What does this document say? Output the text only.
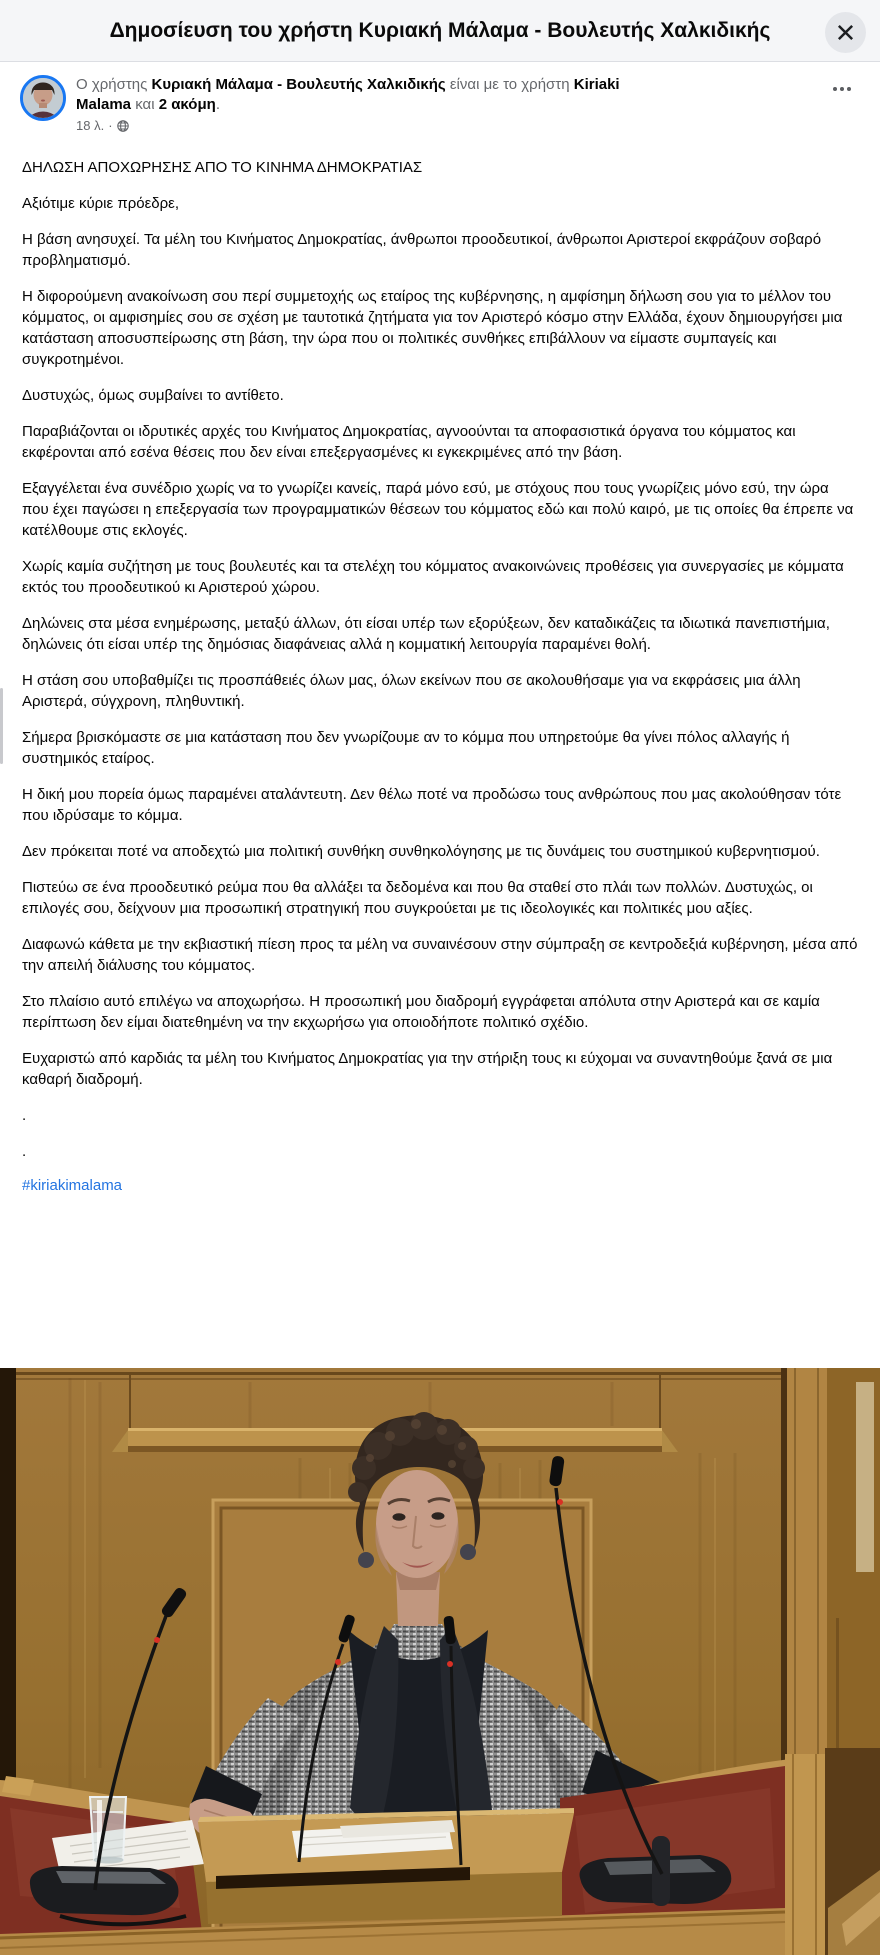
Δημοσίευση του χρήστη Κυριακή Μάλαμα - Βουλευτής Χαλκιδικής
Ο χρήστης Κυριακή Μάλαμα - Βουλευτής Χαλκιδικής είναι με το χρήστη Kiriaki Malama και 2 ακόμη.
18 λ. ·

ΔΗΛΩΣΗ ΑΠΟΧΩΡΗΣΗΣ ΑΠΟ ΤΟ ΚΙΝΗΜΑ ΔΗΜΟΚΡΑΤΙΑΣ

Αξιότιμε κύριε πρόεδρε,

Η βάση ανησυχεί. Τα μέλη του Κινήματος Δημοκρατίας, άνθρωποι προοδευτικοί, άνθρωποι Αριστεροί εκφράζουν σοβαρό προβληματισμό.

Η διφορούμενη ανακοίνωση σου περί συμμετοχής ως εταίρος της κυβέρνησης, η αμφίσημη δήλωση σου για το μέλλον του κόμματος, οι αμφισημίες σου σε σχέση με ταυτοτικά ζητήματα για τον Αριστερό κόσμο στην Ελλάδα, έχουν δημιουργήσει μια κατάσταση αποσυσπείρωσης στη βάση, την ώρα που οι πολιτικές συνθήκες επιβάλλουν να είμαστε συμπαγείς και συγκροτημένοι.

Δυστυχώς, όμως συμβαίνει το αντίθετο.

Παραβιάζονται οι ιδρυτικές αρχές του Κινήματος Δημοκρατίας, αγνοούνται τα αποφασιστικά όργανα του κόμματος και εκφέρονται από εσένα θέσεις που δεν είναι επεξεργασμένες κι εγκεκριμένες από την βάση.

Εξαγγέλεται ένα συνέδριο χωρίς να το γνωρίζει κανείς, παρά μόνο εσύ, με στόχους που τους γνωρίζεις μόνο εσύ, την ώρα που έχει παγώσει η επεξεργασία των προγραμματικών θέσεων του κόμματος εδώ και πολύ καιρό, με τις οποίες θα έπρεπε να κατέλθουμε στις εκλογές.

Χωρίς καμία συζήτηση με τους βουλευτές και τα στελέχη του κόμματος ανακοινώνεις προθέσεις για συνεργασίες με κόμματα εκτός του προοδευτικού κι Αριστερού χώρου.

Δηλώνεις στα μέσα ενημέρωσης, μεταξύ άλλων, ότι είσαι υπέρ των εξορύξεων, δεν καταδικάζεις τα ιδιωτικά πανεπιστήμια, δηλώνεις ότι είσαι υπέρ της δημόσιας διαφάνειας αλλά η κομματική λειτουργία παραμένει θολή.

Η στάση σου υποβαθμίζει τις προσπάθειές όλων μας, όλων εκείνων που σε ακολουθήσαμε για να εκφράσεις μια άλλη Αριστερά, σύγχρονη, πληθυντική.

Σήμερα βρισκόμαστε σε μια κατάσταση που δεν γνωρίζουμε αν το κόμμα που υπηρετούμε θα γίνει πόλος αλλαγής ή συστημικός εταίρος.

Η δική μου πορεία όμως παραμένει αταλάντευτη. Δεν θέλω ποτέ να προδώσω τους ανθρώπους που μας ακολούθησαν τότε που ιδρύσαμε το κόμμα.

Δεν πρόκειται ποτέ να αποδεχτώ μια πολιτική συνθήκη συνθηκολόγησης με τις δυνάμεις του συστημικού κυβερνητισμού.

Πιστεύω σε ένα προοδευτικό ρεύμα που θα αλλάξει τα δεδομένα και που θα σταθεί στο πλάι των πολλών. Δυστυχώς, οι επιλογές σου, δείχνουν μια προσωπική στρατηγική που συγκρούεται με τις ιδεολογικές και πολιτικές μου αξίες.

Διαφωνώ κάθετα με την εκβιαστική πίεση προς τα μέλη να συναινέσουν στην σύμπραξη σε κεντροδεξιά κυβέρνηση, μέσα από την απειλή διάλυσης του κόμματος.

Στο πλαίσιο αυτό επιλέγω να αποχωρήσω. Η προσωπική μου διαδρομή εγγράφεται απόλυτα στην Αριστερά και σε καμία περίπτωση δεν είμαι διατεθημένη να την εκχωρήσω για οποιοδήποτε πολιτικό σχέδιο.

Ευχαριστώ από καρδιάς τα μέλη του Κινήματος Δημοκρατίας για την στήριξη τους κι εύχομαι να συναντηθούμε ξανά σε μια καθαρή διαδρομή.

.

.

#kiriakimalama
